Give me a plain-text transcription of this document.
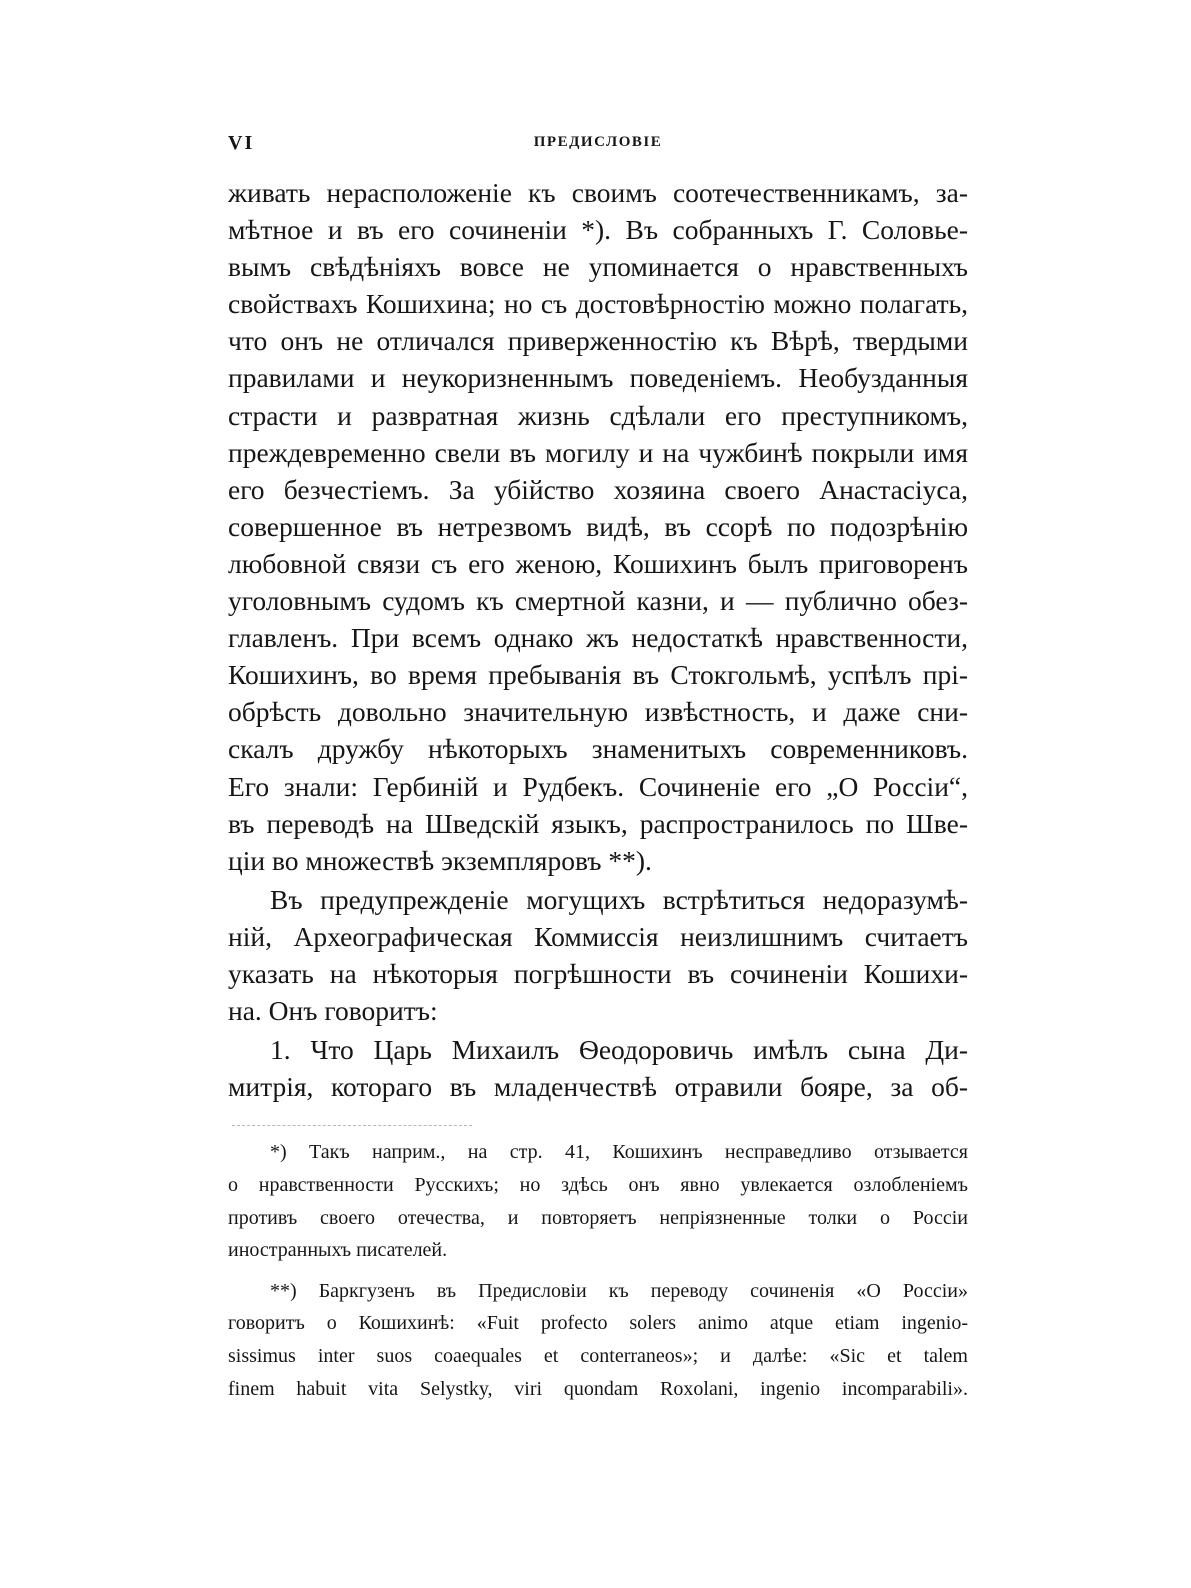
VI	ПРЕДИСЛОВІЕ
живать нерасположеніе къ своимъ соотечественникамъ, за-
мѣтное и въ его сочиненіи *). Въ собранныхъ Г. Соловье-
вымъ свѣдѣніяхъ вовсе не упоминается о нравственныхъ
свойствахъ Кошихина; но съ достовѣрностію можно полагать,
что онъ не отличался приверженностію къ Вѣрѣ, твердыми
правилами и неукоризненнымъ поведеніемъ. Необузданныя
страсти и развратная жизнь сдѣлали его преступникомъ,
преждевременно свели въ могилу и на чужбинѣ покрыли имя
его безчестіемъ. За убійство хозяина своего Анастасіуса,
совершенное въ нетрезвомъ видѣ, въ ссорѣ по подозрѣнію
любовной связи съ его женою, Кошихинъ былъ приговоренъ
уголовнымъ судомъ къ смертной казни, и — публично обез-
главленъ. При всемъ однако жъ недостаткѣ нравственности,
Кошихинъ, во время пребыванія въ Стокгольмѣ, успѣлъ прі-
обрѣсть довольно значительную извѣстность, и даже сни-
скалъ дружбу нѣкоторыхъ знаменитыхъ современниковъ.
Его знали: Гербиній и Рудбекъ. Сочиненіе его „О Россіи“,
въ переводѣ на Шведскій языкъ, распространилось по Шве-
ціи во множествѣ экземпляровъ **).
Въ предупрежденіе могущихъ встрѣтиться недоразумѣ-
ній, Археографическая Коммиссія неизлишнимъ считаетъ
указать на нѣкоторыя погрѣшности въ сочиненіи Кошихи-
на. Онъ говоритъ:
1. Что Царь Михаилъ Ѳеодоровичь имѣлъ сына Ди-
митрія, котораго въ младенчествѣ отравили бояре, за об-
*) Такъ наприм., на стр. 41, Кошихинъ несправедливо отзывается
о нравственности Русскихъ; но здѣсь онъ явно увлекается озлобленіемъ
противъ своего отечества, и повторяетъ непріязненные толки о Россіи
иностранныхъ писателей.
**) Баркгузенъ въ Предисловіи къ переводу сочиненія «О Россіи»
говоритъ о Кошихинѣ: «Fuit profecto solers animo atque etiam ingenio-
sissimus inter suos coaequales et conterraneos»; и далѣе: «Sic et talem
finem habuit vita Selystky, viri quondam Roxolani, ingenio incomparabili».
